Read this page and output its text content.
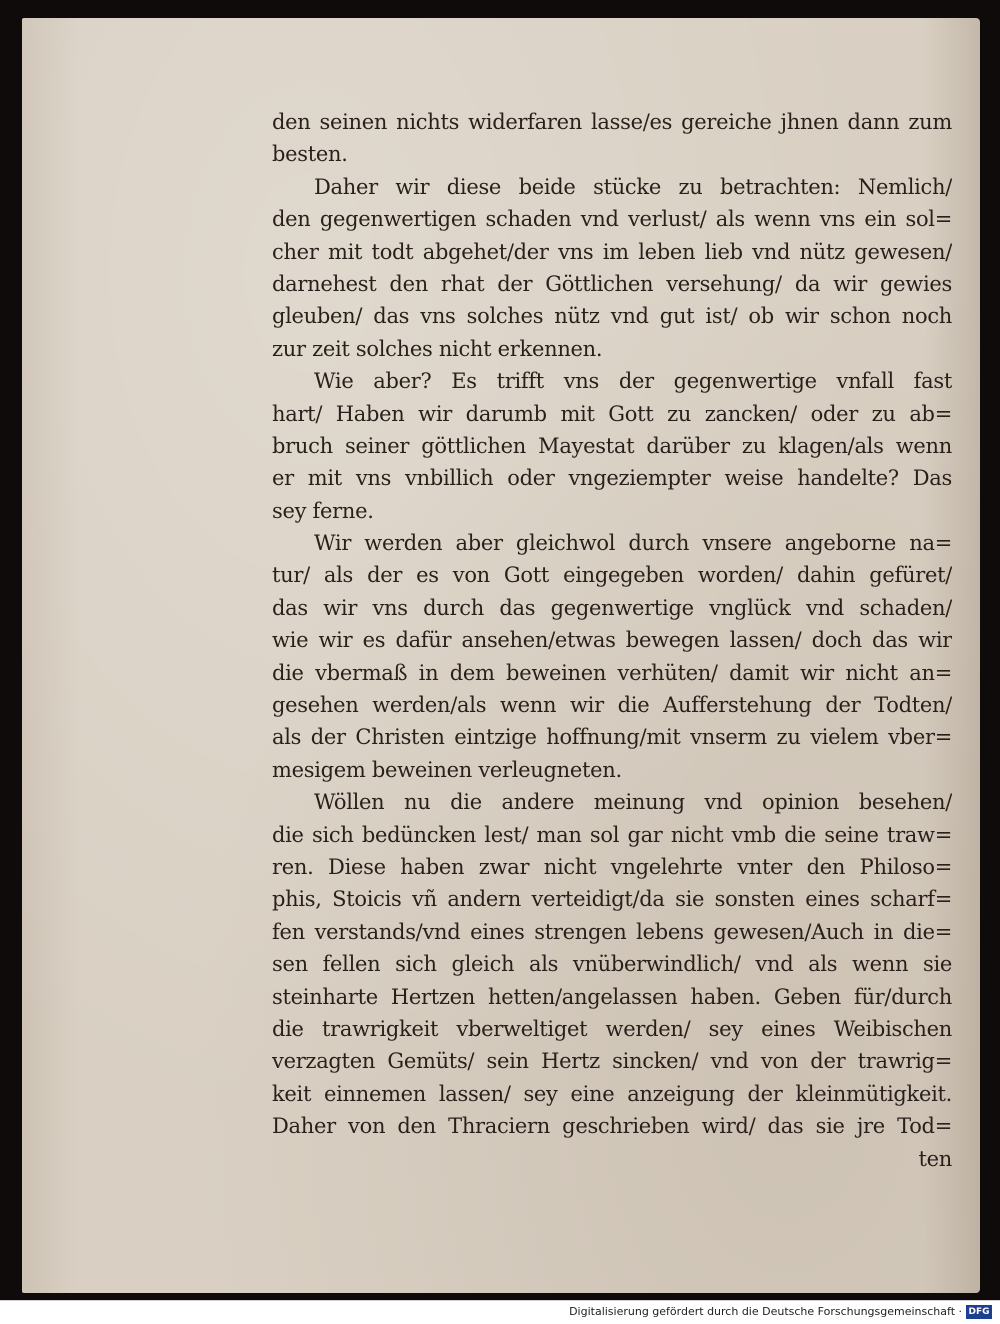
den seinen nichts widerfaren lasse/es gereiche jhnen dann zum
besten.
Daher wir diese beide stücke zu betrachten: Nemlich/
den gegenwertigen schaden vnd verlust/ als wenn vns ein sol=
cher mit todt abgehet/der vns im leben lieb vnd nütz gewesen/
darnehest den rhat der Göttlichen versehung/ da wir gewies
gleuben/ das vns solches nütz vnd gut ist/ ob wir schon noch
zur zeit solches nicht erkennen.
Wie aber? Es trifft vns der gegenwertige vnfall fast
hart/ Haben wir darumb mit Gott zu zancken/ oder zu ab=
bruch seiner göttlichen Mayestat darüber zu klagen/als wenn
er mit vns vnbillich oder vngeziempter weise handelte? Das
sey ferne.
Wir werden aber gleichwol durch vnsere angeborne na=
tur/ als der es von Gott eingegeben worden/ dahin gefüret/
das wir vns durch das gegenwertige vnglück vnd schaden/
wie wir es dafür ansehen/etwas bewegen lassen/ doch das wir
die vbermaß in dem beweinen verhüten/ damit wir nicht an=
gesehen werden/als wenn wir die Aufferstehung der Todten/
als der Christen eintzige hoffnung/mit vnserm zu vielem vber=
mesigem beweinen verleugneten.
Wöllen nu die andere meinung vnd opinion besehen/
die sich bedüncken lest/ man sol gar nicht vmb die seine traw=
ren. Diese haben zwar nicht vngelehrte vnter den Philoso=
phis, Stoicis vñ andern verteidigt/da sie sonsten eines scharf=
fen verstands/vnd eines strengen lebens gewesen/Auch in die=
sen fellen sich gleich als vnüberwindlich/ vnd als wenn sie
steinharte Hertzen hetten/angelassen haben. Geben für/durch
die trawrigkeit vberweltiget werden/ sey eines Weibischen
verzagten Gemüts/ sein Hertz sincken/ vnd von der trawrig=
keit einnemen lassen/ sey eine anzeigung der kleinmütigkeit.
Daher von den Thraciern geschrieben wird/ das sie jre Tod=
ten
Digitalisierung gefördert durch die Deutsche Forschungsgemeinschaft · DFG
